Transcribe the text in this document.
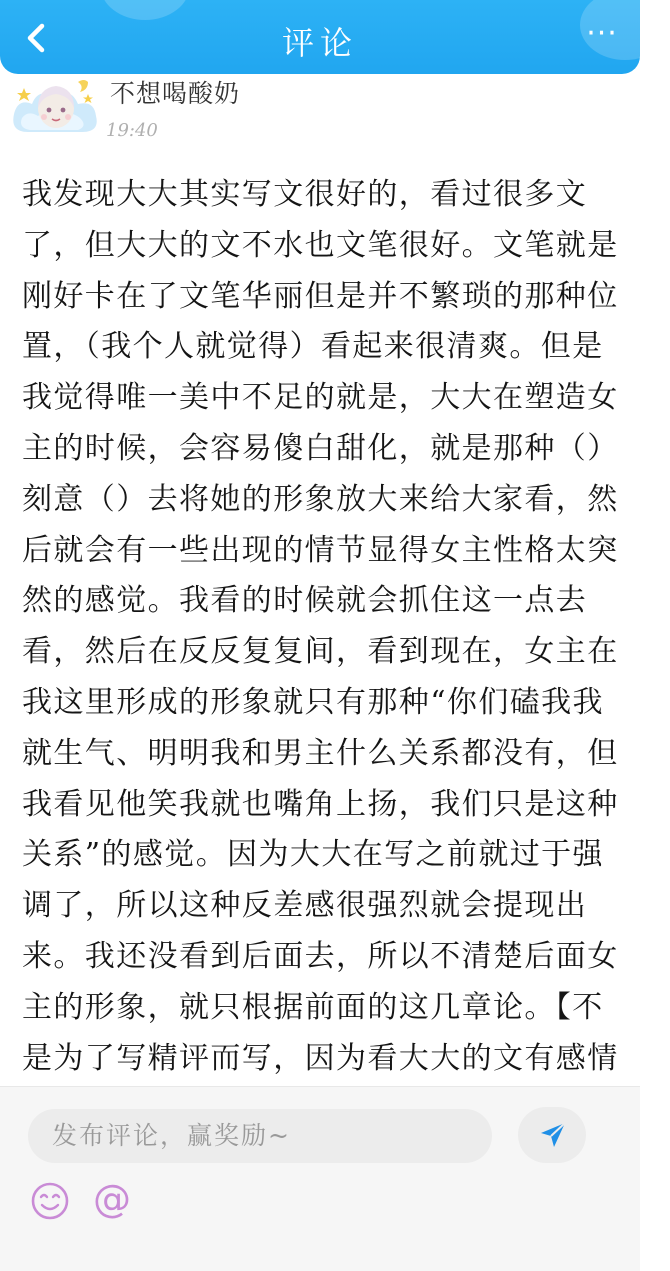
评论	···
不想喝酸奶
19:40
我发现大大其实写文很好的，看过很多文了，但大大的文不水也文笔很好。文笔就是刚好卡在了文笔华丽但是并不繁琐的那种位置，（我个人就觉得）看起来很清爽。但是我觉得唯一美中不足的就是，大大在塑造女主的时候，会容易傻白甜化，就是那种（）刻意（）去将她的形象放大来给大家看，然后就会有一些出现的情节显得女主性格太突然的感觉。我看的时候就会抓住这一点去看，然后在反反复复间，看到现在，女主在我这里形成的形象就只有那种“你们磕我我就生气、明明我和男主什么关系都没有，但我看见他笑我就也嘴角上扬，我们只是这种关系”的感觉。因为大大在写之前就过于强调了，所以这种反差感很强烈就会提现出来。我还没看到后面去，所以不清楚后面女主的形象，就只根据前面的这几章论。【不是为了写精评而写，因为看大大的文有感情
发布评论，赢奖励~
@
